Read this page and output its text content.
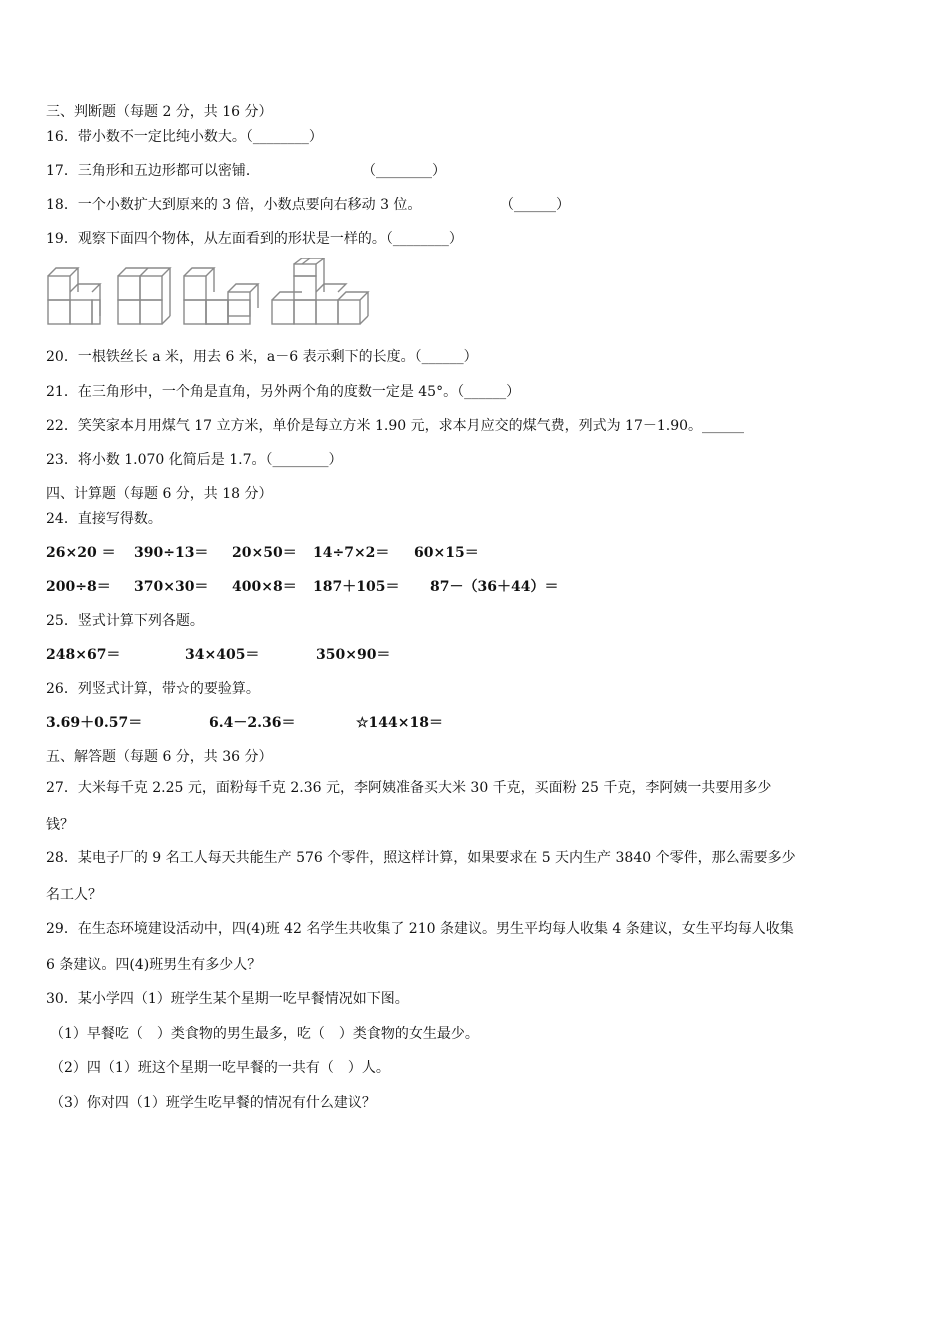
三、判断题（每题 2 分，共 16 分）
16．带小数不一定比纯小数大。（________）
17．三角形和五边形都可以密铺．	（________）
18．一个小数扩大到原来的 3 倍，小数点要向右移动 3 位。	（______）
19．观察下面四个物体，从左面看到的形状是一样的。（________）
20．一根铁丝长 a 米，用去 6 米，a－6 表示剩下的长度。（______）
21．在三角形中，一个角是直角，另外两个角的度数一定是 45°。（______）
22．笑笑家本月用煤气 17 立方米，单价是每立方米 1.90 元，求本月应交的煤气费，列式为 17－1.90。______
23．将小数 1.070 化简后是 1.7。（________）
四、计算题（每题 6 分，共 18 分）
24．直接写得数。
26×20 ＝ 390÷13＝ 20×50＝ 14÷7×2＝ 60×15＝
200÷8＝ 370×30＝ 400×8＝ 187＋105＝ 87－（36＋44）＝
25．竖式计算下列各题。
248×67＝	34×405＝	350×90＝
26．列竖式计算，带☆的要验算。
3.69＋0.57＝	6.4－2.36＝	☆144×18＝
五、解答题（每题 6 分，共 36 分）
27．大米每千克 2.25 元，面粉每千克 2.36 元，李阿姨准备买大米 30 千克，买面粉 25 千克，李阿姨一共要用多少
钱？
28．某电子厂的 9 名工人每天共能生产 576 个零件，照这样计算，如果要求在 5 天内生产 3840 个零件，那么需要多少
名工人？
29．在生态环境建设活动中，四(4)班 42 名学生共收集了 210 条建议。男生平均每人收集 4 条建议，女生平均每人收集
6 条建议。四(4)班男生有多少人？
30．某小学四（1）班学生某个星期一吃早餐情况如下图。
（1）早餐吃（　）类食物的男生最多，吃（　）类食物的女生最少。
（2）四（1）班这个星期一吃早餐的一共有（　）人。
（3）你对四（1）班学生吃早餐的情况有什么建议？
